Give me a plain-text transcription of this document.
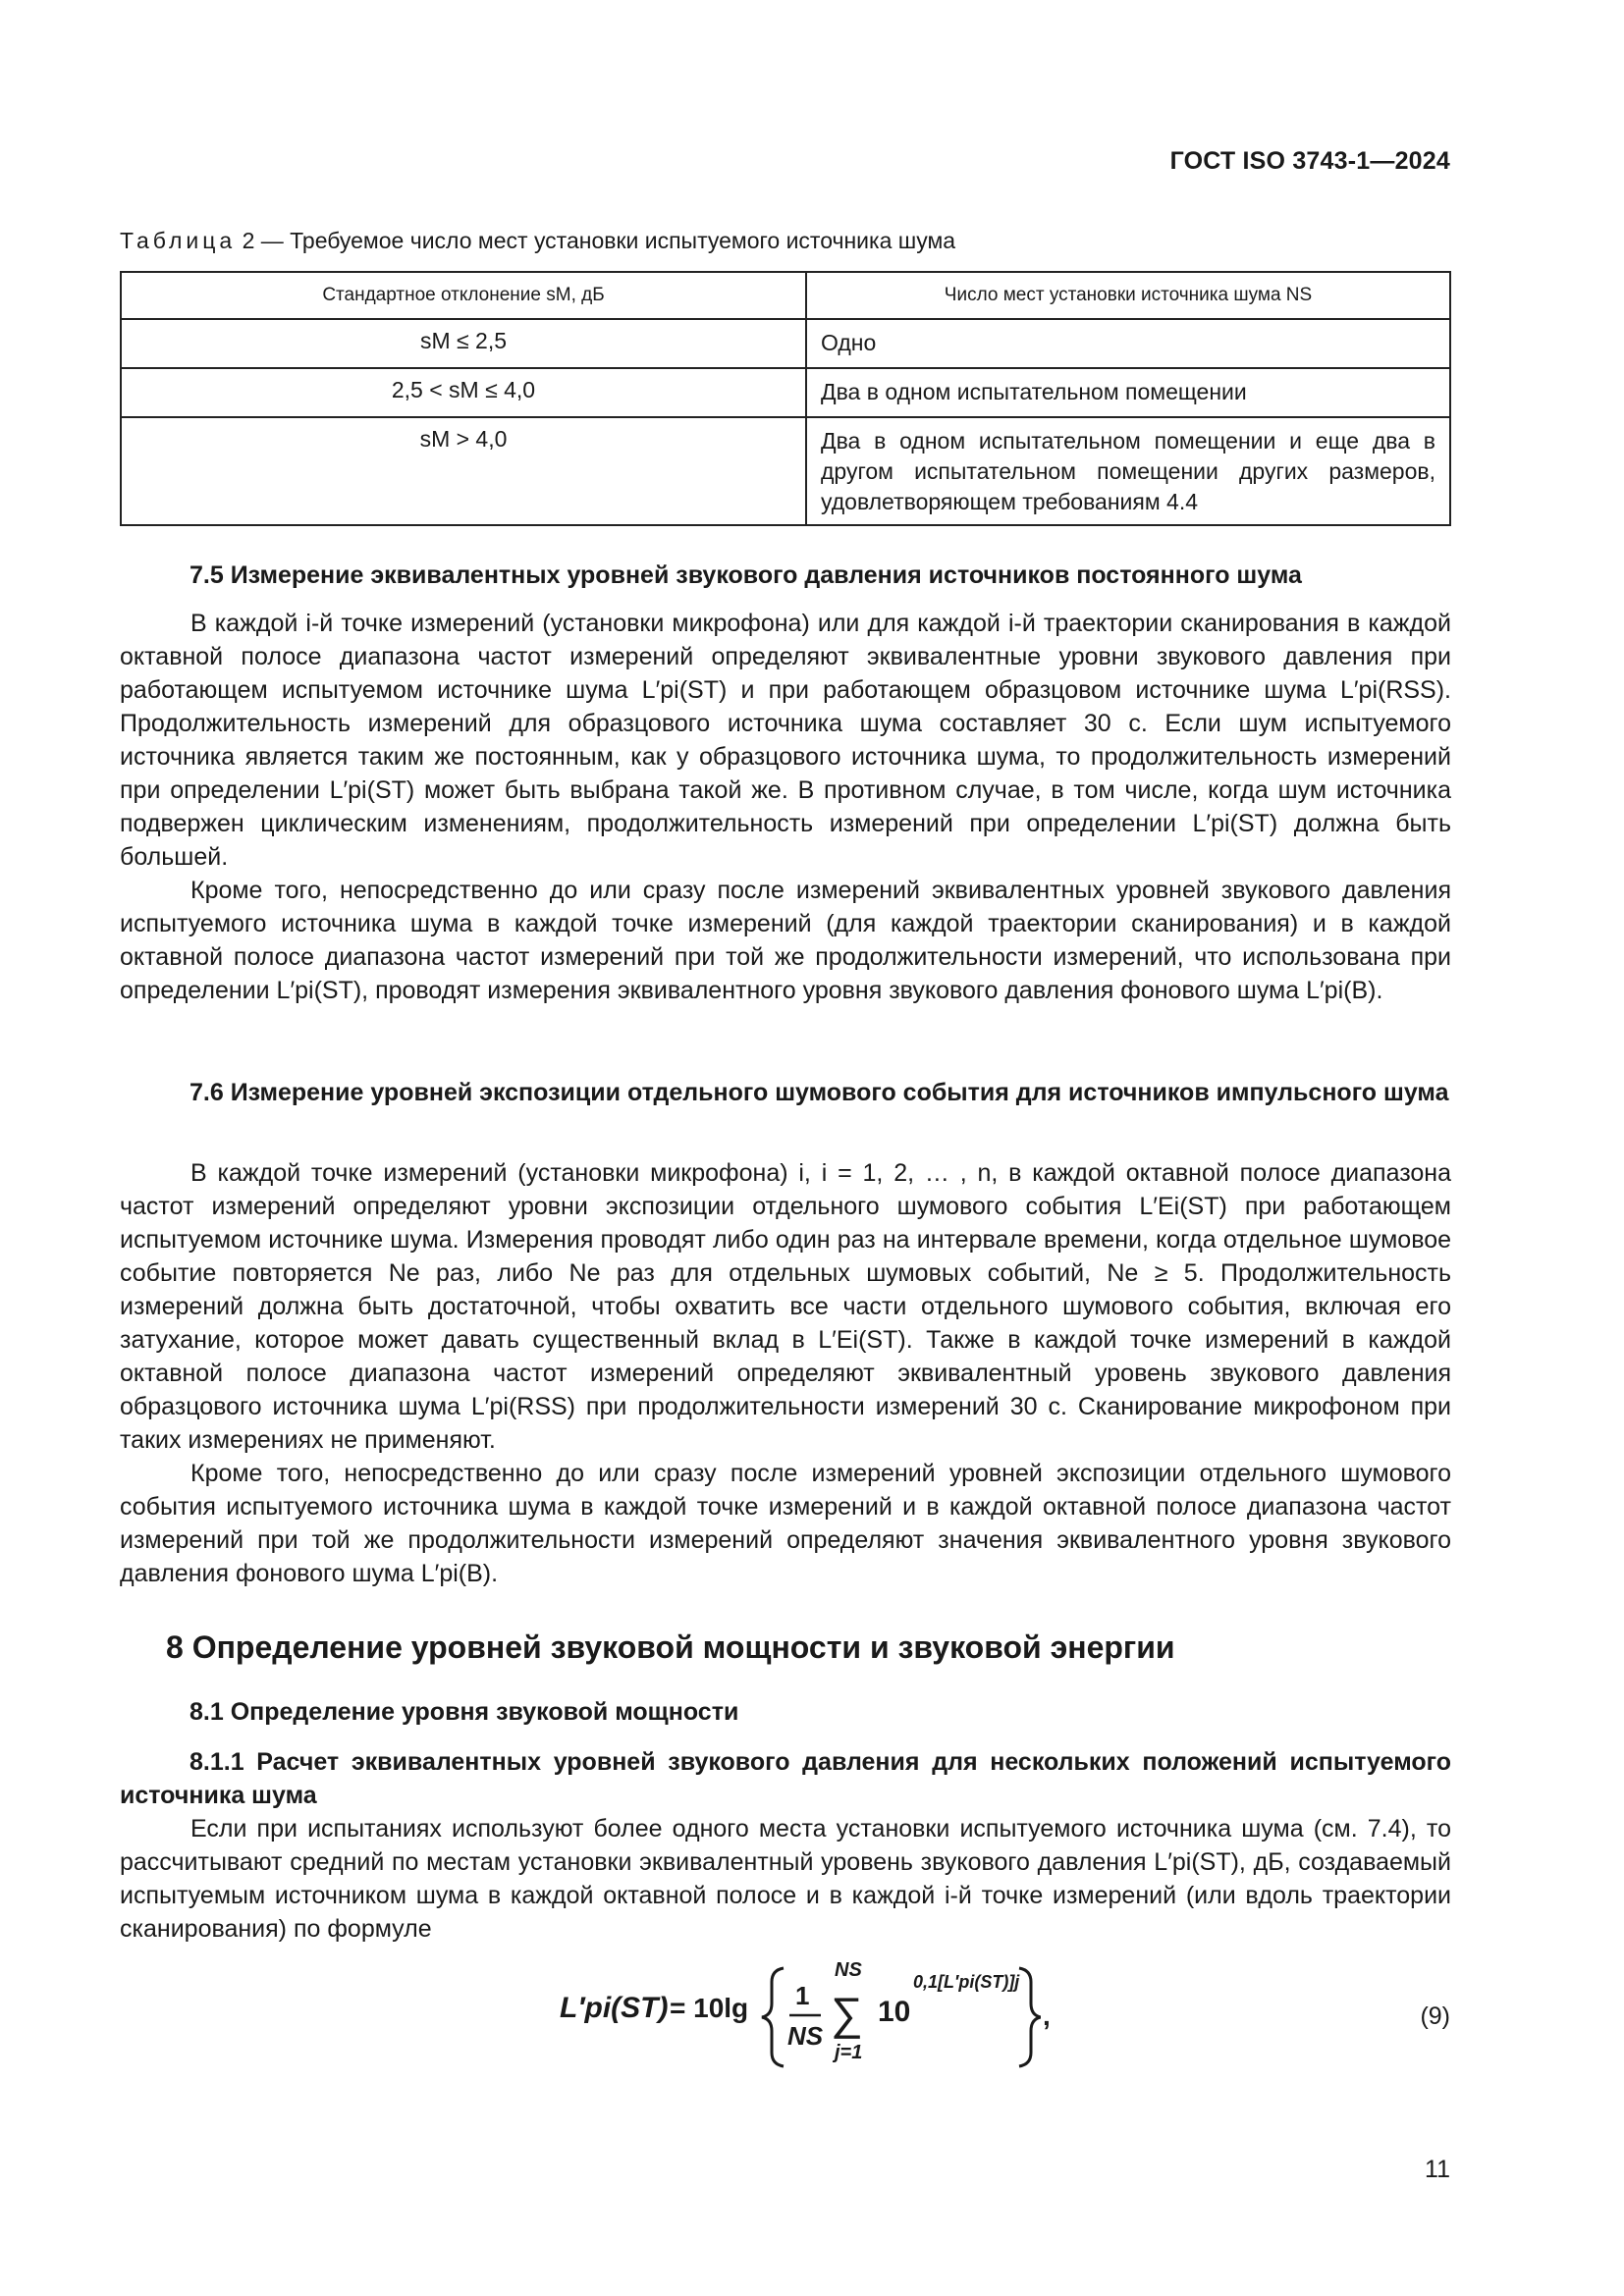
ГОСТ ISO 3743-1—2024
Таблица 2 — Требуемое число мест установки испытуемого источника шума
Стандартное отклонение sM, дБ	Число мест установки источника шума NS
sM ≤ 2,5	Одно
2,5 < sM ≤ 4,0	Два в одном испытательном помещении
sM > 4,0	Два в одном испытательном помещении и еще два в другом испытательном помещении других размеров, удовлетворяющем требованиям 4.4
7.5 Измерение эквивалентных уровней звукового давления источников постоянного шума

В каждой i-й точке измерений (установки микрофона) или для каждой i-й траектории сканирования в каждой октавной полосе диапазона частот измерений определяют эквивалентные уровни звукового давления при работающем испытуемом источнике шума L′pi(ST) и при работающем образцовом источнике шума L′pi(RSS). Продолжительность измерений для образцового источника шума составляет 30 с. Если шум испытуемого источника является таким же постоянным, как у образцового источника шума, то продолжительность измерений при определении L′pi(ST) может быть выбрана такой же. В противном случае, в том числе, когда шум источника подвержен циклическим изменениям, продолжительность измерений при определении L′pi(ST) должна быть большей.

Кроме того, непосредственно до или сразу после измерений эквивалентных уровней звукового давления испытуемого источника шума в каждой точке измерений (для каждой траектории сканирования) и в каждой октавной полосе диапазона частот измерений при той же продолжительности измерений, что использована при определении L′pi(ST), проводят измерения эквивалентного уровня звукового давления фонового шума L′pi(B).

7.6 Измерение уровней экспозиции отдельного шумового события для источников импульсного шума

В каждой точке измерений (установки микрофона) i, i = 1, 2, … , n, в каждой октавной полосе диапазона частот измерений определяют уровни экспозиции отдельного шумового события L′Ei(ST) при работающем испытуемом источнике шума. Измерения проводят либо один раз на интервале времени, когда отдельное шумовое событие повторяется Ne раз, либо Ne раз для отдельных шумовых событий, Ne ≥ 5. Продолжительность измерений должна быть достаточной, чтобы охватить все части отдельного шумового события, включая его затухание, которое может давать существенный вклад в L′Ei(ST). Также в каждой точке измерений в каждой октавной полосе диапазона частот измерений определяют эквивалентный уровень звукового давления образцового источника шума L′pi(RSS) при продолжительности измерений 30 с. Сканирование микрофоном при таких измерениях не применяют.

Кроме того, непосредственно до или сразу после измерений уровней экспозиции отдельного шумового события испытуемого источника шума в каждой точке измерений и в каждой октавной полосе диапазона частот измерений при той же продолжительности измерений определяют значения эквивалентного уровня звукового давления фонового шума L′pi(B).

8 Определение уровней звуковой мощности и звуковой энергии
8.1 Определение уровня звуковой мощности
8.1.1 Расчет эквивалентных уровней звукового давления для нескольких положений испытуемого источника шума

Если при испытаниях используют более одного места установки испытуемого источника шума (см. 7.4), то рассчитывают средний по местам установки эквивалентный уровень звукового давления L′pi(ST), дБ, создаваемый испытуемым источником шума в каждой октавной полосе и в каждой i-й точке измерений (или вдоль траектории сканирования) по формуле

L′pi(ST) = 10lg 1
NS ∑
NS
j=1
10
0,1[L′pi(ST)]j
,	(9)
11
